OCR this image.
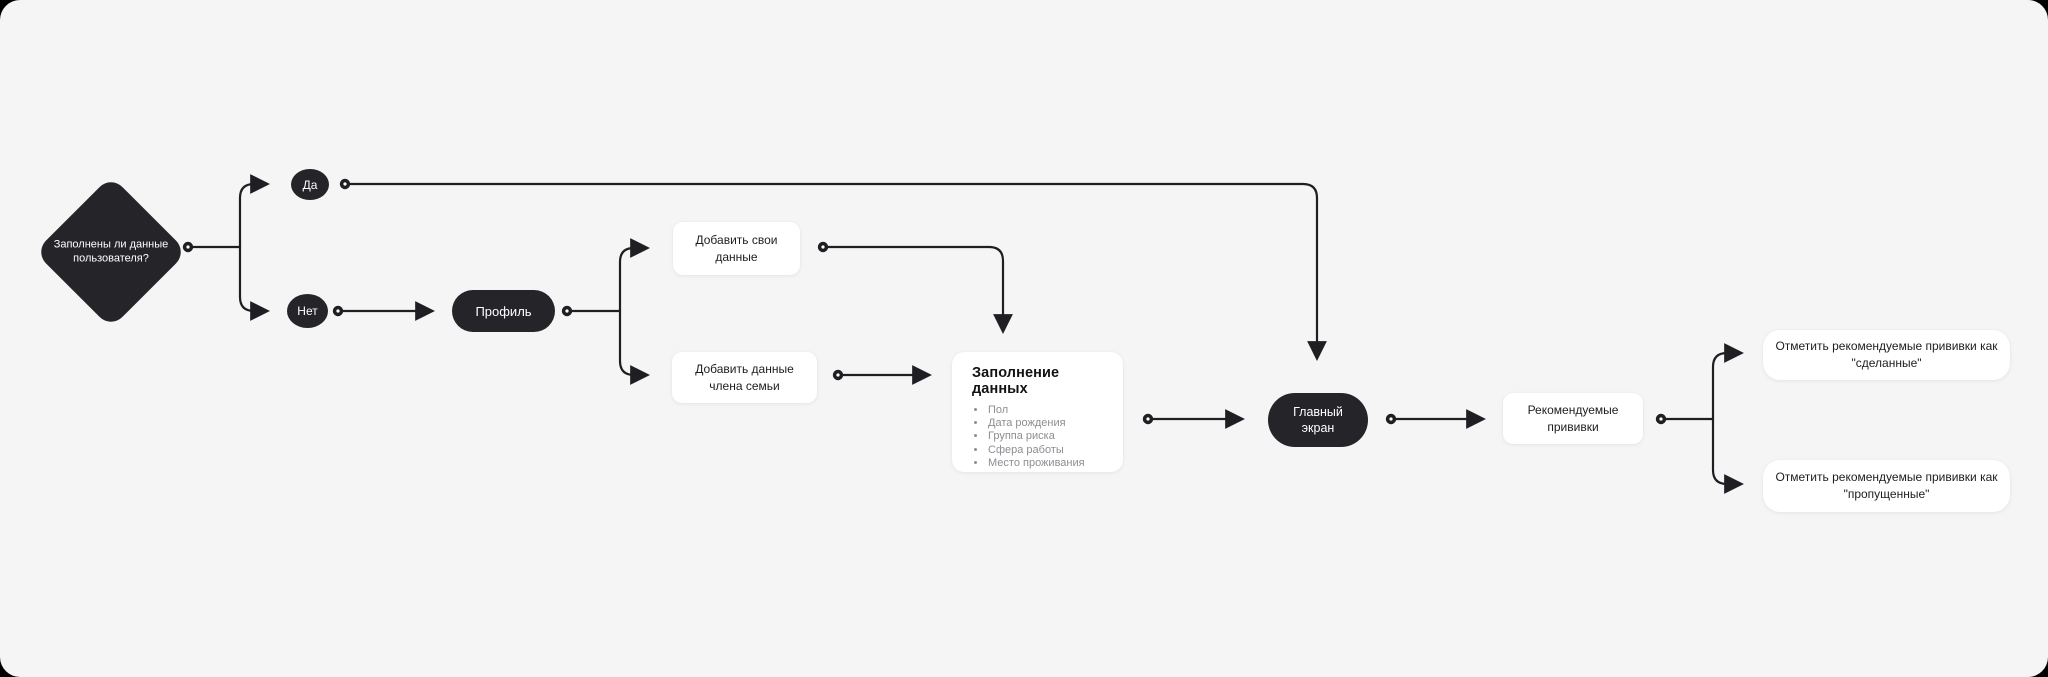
Заполнены ли данные пользователя?
Да
Нет	Профиль
Добавить свои данные
Добавить данные члена семьи
Заполнение данных
• Пол
• Дата рождения
• Группа риска
• Сфера работы
• Место проживания
Главный экран
Рекомендуемые прививки
Отметить рекомендуемые прививки как "сделанные"
Отметить рекомендуемые прививки как "пропущенные"
